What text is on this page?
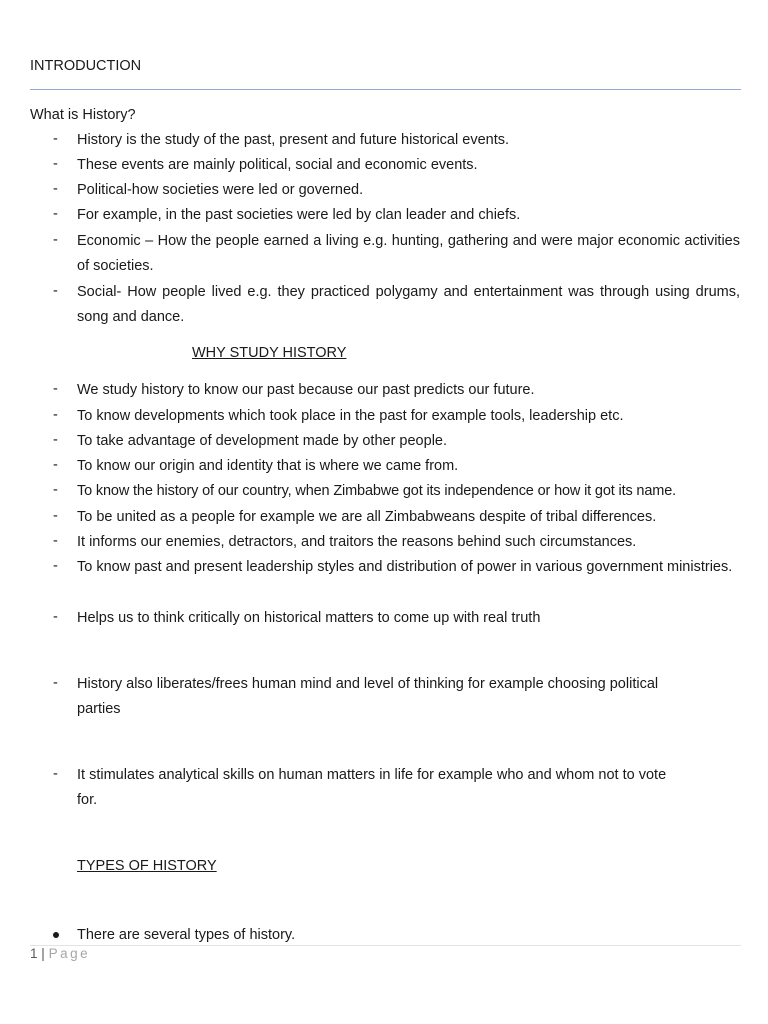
INTRODUCTION
What is History?
-	History is the study of the past, present and future historical events.
-	These events are mainly political, social and economic events.
-	Political-how societies were led or governed.
-	For example, in the past societies were led by clan leader and chiefs.
-	Economic – How the people earned a living e.g. hunting, gathering and were major economic activities of societies.
-	Social- How people lived e.g. they practiced polygamy and entertainment was through using drums, song and dance.
WHY STUDY HISTORY
-	We study history to know our past because our past predicts our future.
-	To know developments which took place in the past for example tools, leadership etc.
-	To take advantage of development made by other people.
-	To know our origin and identity that is where we came from.
-	To know the history of our country, when Zimbabwe got its independence or how it got its name.
-	To be united as a people for example we are all Zimbabweans despite of tribal differences.
-	It informs our enemies, detractors, and traitors the reasons behind such circumstances.
-	To know past and present leadership styles and distribution of power in various government ministries.
-	Helps us to think critically on historical matters to come up with real truth
-	History also liberates/frees human mind and level of thinking for example choosing political parties
-	It stimulates analytical skills on human matters in life for example who and whom not to vote for.
TYPES OF HISTORY
There are several types of history.
1 | Page
